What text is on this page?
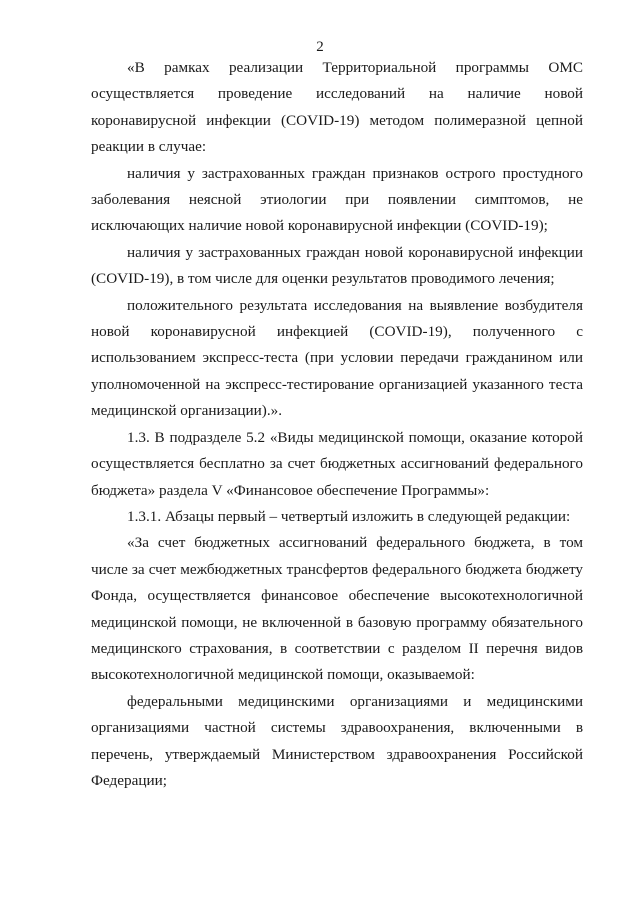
2

«В рамках реализации Территориальной программы ОМС осуществляется проведение исследований на наличие новой коронавирусной инфекции (COVID-19) методом полимеразной цепной реакции в случае:

наличия у застрахованных граждан признаков острого простудного заболевания неясной этиологии при появлении симптомов, не исключающих наличие новой коронавирусной инфекции (COVID-19);

наличия у застрахованных граждан новой коронавирусной инфекции (COVID-19), в том числе для оценки результатов проводимого лечения;

положительного результата исследования на выявление возбудителя новой коронавирусной инфекцией (COVID-19), полученного с использованием экспресс-теста (при условии передачи гражданином или уполномоченной на экспресс-тестирование организацией указанного теста медицинской организации).».

1.3. В подразделе 5.2 «Виды медицинской помощи, оказание которой осуществляется бесплатно за счет бюджетных ассигнований федерального бюджета» раздела V «Финансовое обеспечение Программы»:

1.3.1. Абзацы первый – четвертый изложить в следующей редакции:

«За счет бюджетных ассигнований федерального бюджета, в том числе за счет межбюджетных трансфертов федерального бюджета бюджету Фонда, осуществляется финансовое обеспечение высокотехнологичной медицинской помощи, не включенной в базовую программу обязательного медицинского страхования, в соответствии с разделом II перечня видов высокотехнологичной медицинской помощи, оказываемой:

федеральными медицинскими организациями и медицинскими организациями частной системы здравоохранения, включенными в перечень, утверждаемый Министерством здравоохранения Российской Федерации;
